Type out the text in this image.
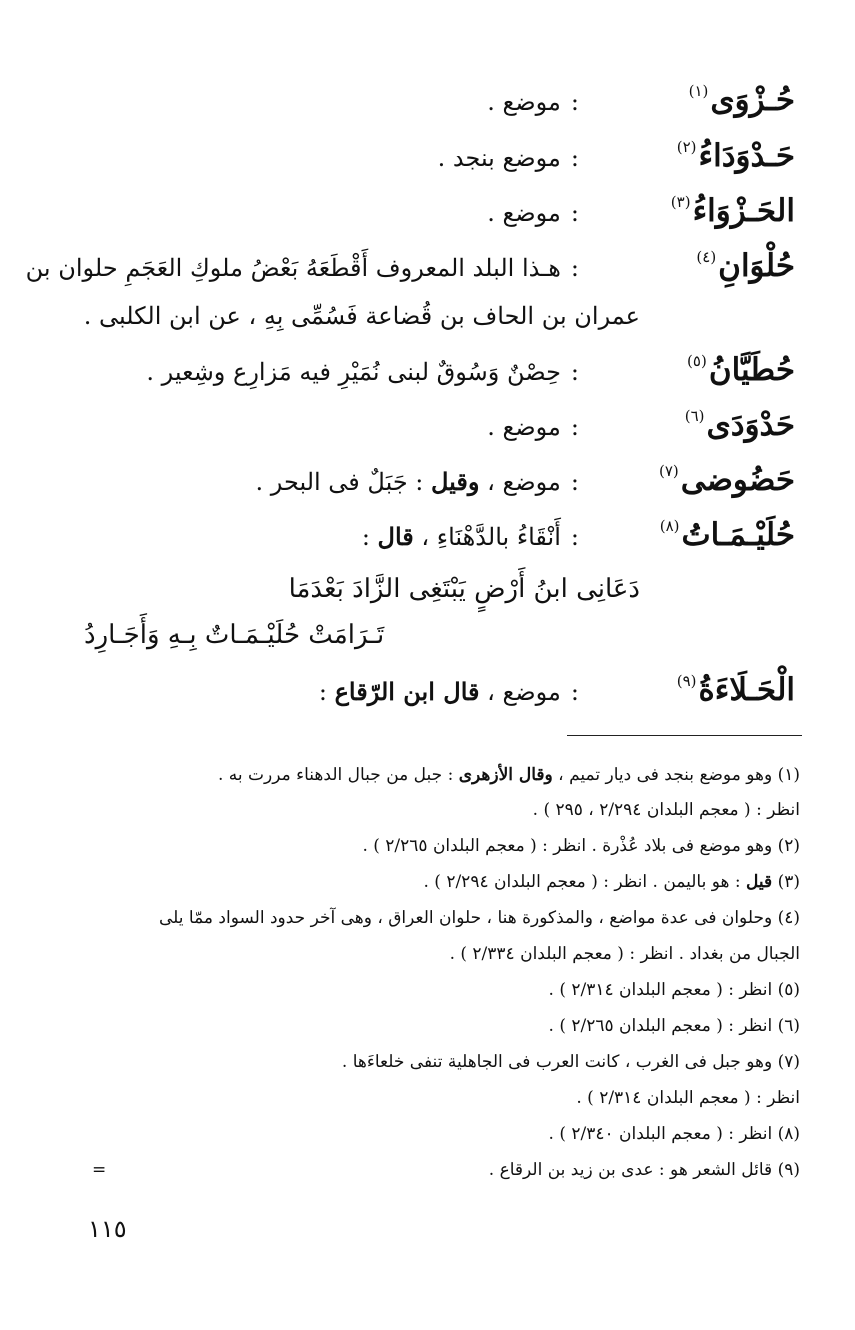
حُـزْوَى$^{(١)}$
:
موضع .
حَـدْوَدَاءُ$^{(٢)}$
:
موضع بنجد .
الحَـزْوَاءُ$^{(٣)}$
:
موضع .
حُلْوَانِ$^{(٤)}$
:
هـذا البلد المعروف أَقْطَعَهُ بَعْضُ ملوكِ العَجَمِ حلوان بن
عمران بن الحاف بن قُضاعة فَسُمِّى بِهِ ، عن ابن الكلبى .
حُطَيَّانُ$^{(٥)}$
:
حِصْنٌ وَسُوقٌ لبنى نُمَيْرِ فيه مَزارِع وشِعير .
حَدْوَدَى$^{(٦)}$
:
موضع .
حَضُوضى$^{(٧)}$
:
موضع ، وقيل : جَبَلٌ فى البحر .
حُلَيْـمَـاتُ$^{(٨)}$
:
أَنْقَاءُ بالدَّهْنَاءِ ، قال :
دَعَانِى ابنُ أَرْضٍ يَبْتَغِى الزَّادَ بَعْدَمَا
تَـرَامَتْ حُلَيْـمَـاتٌ بِـهِ وَأَجَـارِدُ
الْحَـلَاءَةُ$^{(٩)}$
:
موضع ، قال ابن الرّقاع :
(١) وهو موضع بنجد فى ديار تميم ، وقال الأزهرى : جبل من جبال الدهناء مررت به .
انظر : ( معجم البلدان ٢/٢٩٤ ، ٢٩٥ ) .
(٢) وهو موضع فى بلاد عُذْرة . انظر : ( معجم البلدان ٢/٢٦٥ ) .
(٣) قيل : هو باليمن . انظر : ( معجم البلدان ٢/٢٩٤ ) .
(٤) وحلوان فى عدة مواضع ، والمذكورة هنا ، حلوان العراق ، وهى آخر حدود السواد ممّا يلى
الجبال من بغداد . انظر : ( معجم البلدان ٢/٣٣٤ ) .
(٥) انظر : ( معجم البلدان ٢/٣١٤ ) .
(٦) انظر : ( معجم البلدان ٢/٢٦٥ ) .
(٧) وهو جبل فى الغرب ، كانت العرب فى الجاهلية تنفى خلعاءَها .
انظر : ( معجم البلدان ٢/٣١٤ ) .
(٨) انظر : ( معجم البلدان ٢/٣٤٠ ) .
(٩) قائل الشعر هو : عدى بن زيد بن الرقاع .
=
١١٥
